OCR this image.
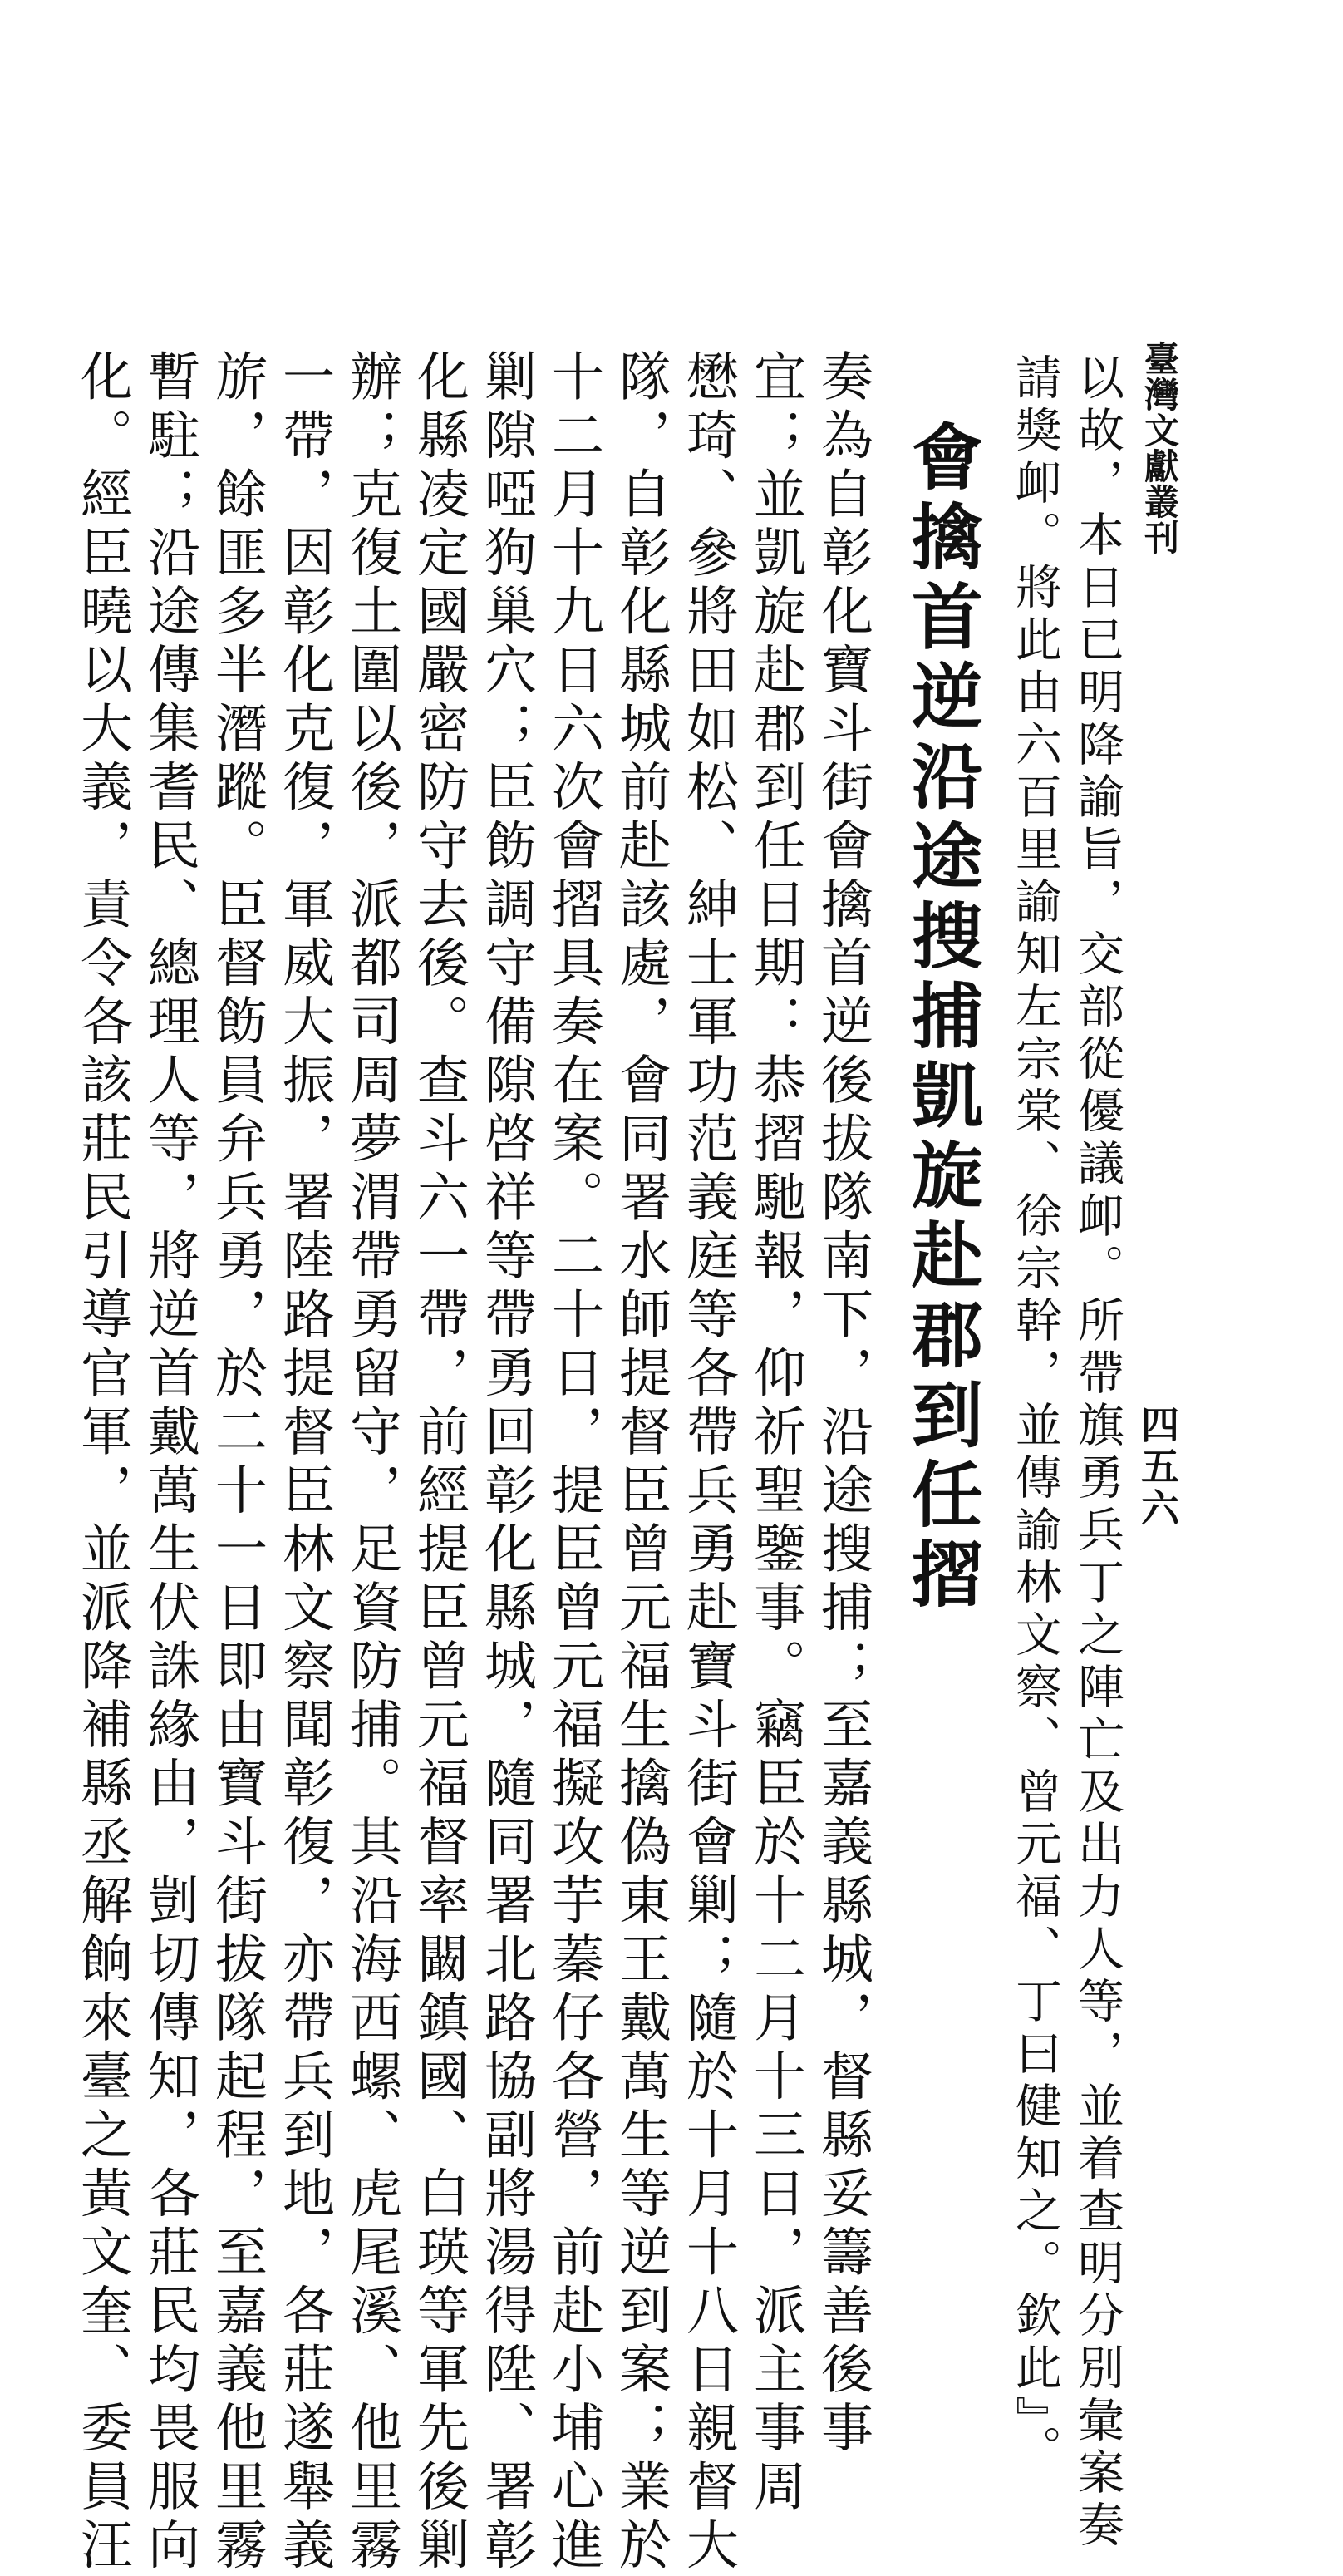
臺灣文獻叢刊
四五六
以故，本日已明降諭旨，交部從優議卹。所帶旗勇兵丁之陣亡及出力人等，並着查明分別彙案奏
請獎卹。將此由六百里諭知左宗棠、徐宗幹，並傳諭林文察、曾元福、丁曰健知之。欽此』。
會擒首逆沿途搜捕凱旋赴郡到任摺
奏為自彰化寶斗街會擒首逆後拔隊南下，沿途搜捕；至嘉義縣城，督縣妥籌善後事
宜；並凱旋赴郡到任日期：恭摺馳報，仰祈聖鑒事。竊臣於十二月十三日，派主事周
懋琦、參將田如松、紳士軍功范義庭等各帶兵勇赴寶斗街會剿；隨於十月十八日親督大
隊，自彰化縣城前赴該處，會同署水師提督臣曾元福生擒偽東王戴萬生等逆到案；業於
十二月十九日六次會摺具奏在案。二十日，提臣曾元福擬攻芋蓁仔各營，前赴小埔心進
剿隙啞狗巢穴；臣飭調守備隙啓祥等帶勇回彰化縣城，隨同署北路協副將湯得陞、署彰
化縣凌定國嚴密防守去後。查斗六一帶，前經提臣曾元福督率闞鎮國、白瑛等軍先後剿
辦；克復土圍以後，派都司周夢渭帶勇留守，足資防捕。其沿海西螺、虎尾溪、他里霧
一帶，因彰化克復，軍威大振，署陸路提督臣林文察聞彰復，亦帶兵到地，各莊遂舉義
旂，餘匪多半潛蹤。臣督飭員弁兵勇，於二十一日即由寶斗街拔隊起程，至嘉義他里霧
暫駐；沿途傳集耆民、總理人等，將逆首戴萬生伏誅緣由，剴切傳知，各莊民均畏服向
化。經臣曉以大義，責令各該莊民引導官軍，並派降補縣丞解餉來臺之黃文奎、委員汪
